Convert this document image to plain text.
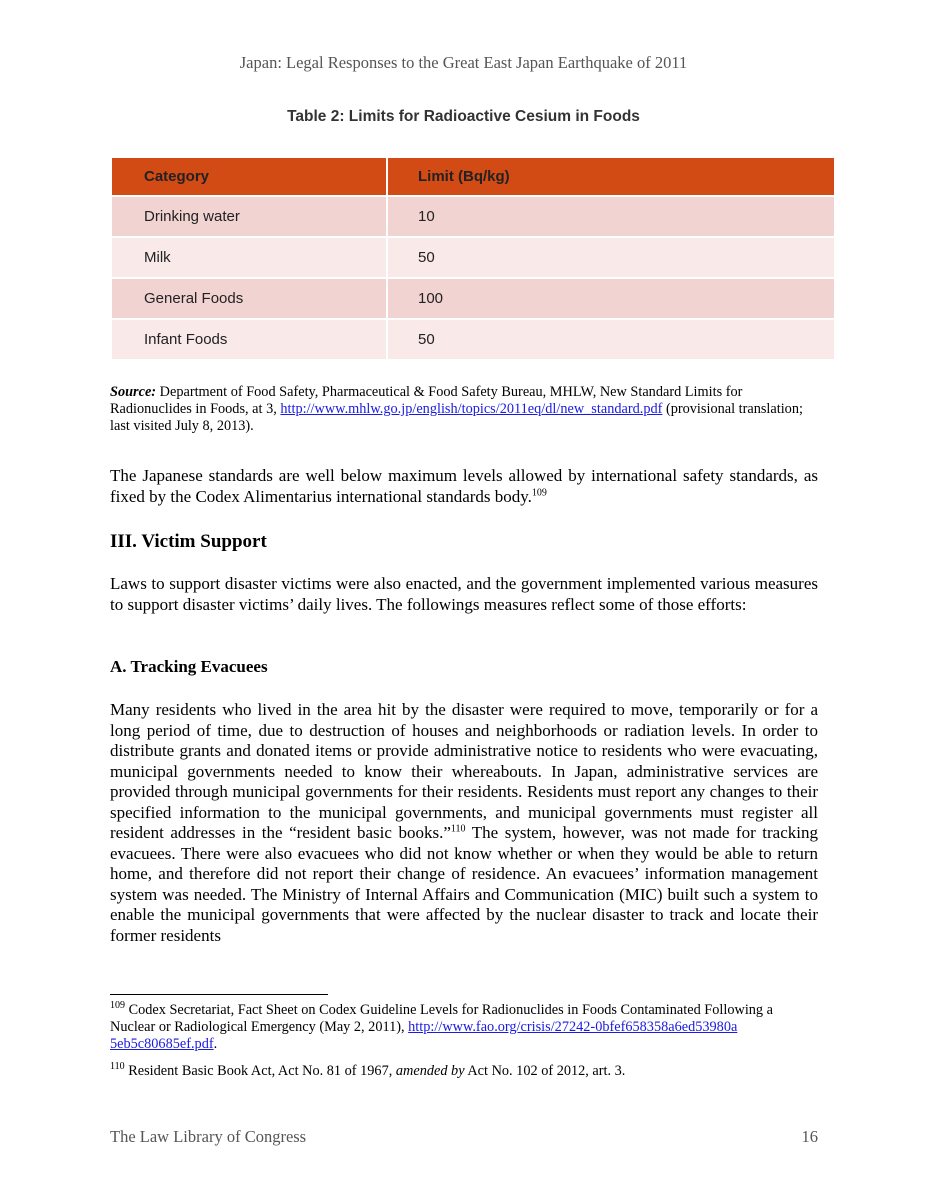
Japan: Legal Responses to the Great East Japan Earthquake of 2011
Table 2: Limits for Radioactive Cesium in Foods
Category	Limit (Bq/kg)
Drinking water	10
Milk	50
General Foods	100
Infant Foods	50
Source: Department of Food Safety, Pharmaceutical & Food Safety Bureau, MHLW, New Standard Limits for Radionuclides in Foods, at 3, http://www.mhlw.go.jp/english/topics/2011eq/dl/new_standard.pdf (provisional translation; last visited July 8, 2013).
The Japanese standards are well below maximum levels allowed by international safety standards, as fixed by the Codex Alimentarius international standards body.$^{109}$
III. Victim Support
Laws to support disaster victims were also enacted, and the government implemented various measures to support disaster victims’ daily lives. The followings measures reflect some of those efforts:
A. Tracking Evacuees
Many residents who lived in the area hit by the disaster were required to move, temporarily or for a long period of time, due to destruction of houses and neighborhoods or radiation levels. In order to distribute grants and donated items or provide administrative notice to residents who were evacuating, municipal governments needed to know their whereabouts. In Japan, administrative services are provided through municipal governments for their residents. Residents must report any changes to their specified information to the municipal governments, and municipal governments must register all resident addresses in the “resident basic books.”$^{110}$ The system, however, was not made for tracking evacuees. There were also evacuees who did not know whether or when they would be able to return home, and therefore did not report their change of residence. An evacuees’ information management system was needed. The Ministry of Internal Affairs and Communication (MIC) built such a system to enable the municipal governments that were affected by the nuclear disaster to track and locate their former residents
$^{109}$ Codex Secretariat, Fact Sheet on Codex Guideline Levels for Radionuclides in Foods Contaminated Following a Nuclear or Radiological Emergency (May 2, 2011), http://www.fao.org/crisis/27242-0bfef658358a6ed53980a 5eb5c80685ef.pdf.
$^{110}$ Resident Basic Book Act, Act No. 81 of 1967, amended by Act No. 102 of 2012, art. 3.
The Law Library of Congress	16
